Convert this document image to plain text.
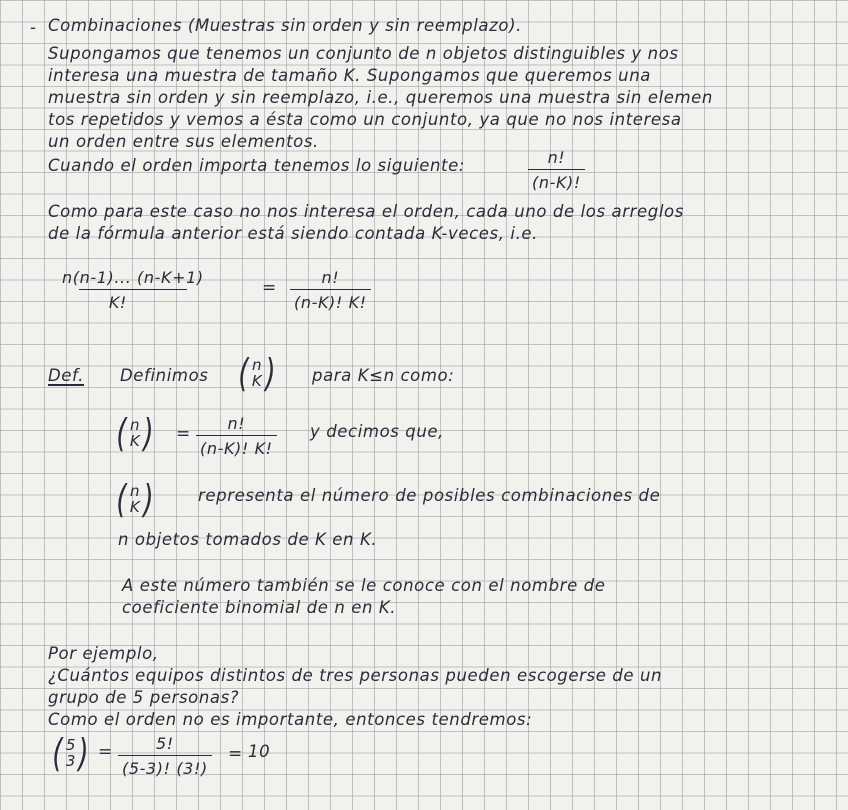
- Combinaciones (Muestras sin orden y sin reemplazo).
Supongamos que tenemos un conjunto de n objetos distinguibles y nos
interesa una muestra de tamaño K. Supongamos que queremos una
muestra sin orden y sin reemplazo, i.e., queremos una muestra sin elemen
tos repetidos y vemos a ésta como un conjunto, ya que no nos interesa
un orden entre sus elementos.
Cuando el orden importa tenemos lo siguiente:	$\frac{n!}{(n-K)!}$
Como para este caso no nos interesa el orden, cada uno de los arreglos
de la fórmula anterior está siendo contada K-veces, i.e.
$\frac{n(n-1)... (n-K+1)}{K!}$	= $\frac{n!}{(n-K)! K!}$
Def. Definimos ( n
K ) para K≤n como:
( n
K ) = $\frac{n!}{(n-K)! K!}$ y decimos que,
( n
K )	representa el número de posibles combinaciones de
n objetos tomados de K en K.
A este número también se le conoce con el nombre de
coeficiente binomial de n en K.
Por ejemplo,
¿Cuántos equipos distintos de tres personas pueden escogerse de un
grupo de 5 personas?
Como el orden no es importante, entonces tendremos:
( 5
3 ) = $\frac{5!}{(5-3)! (3!)} = 10$
